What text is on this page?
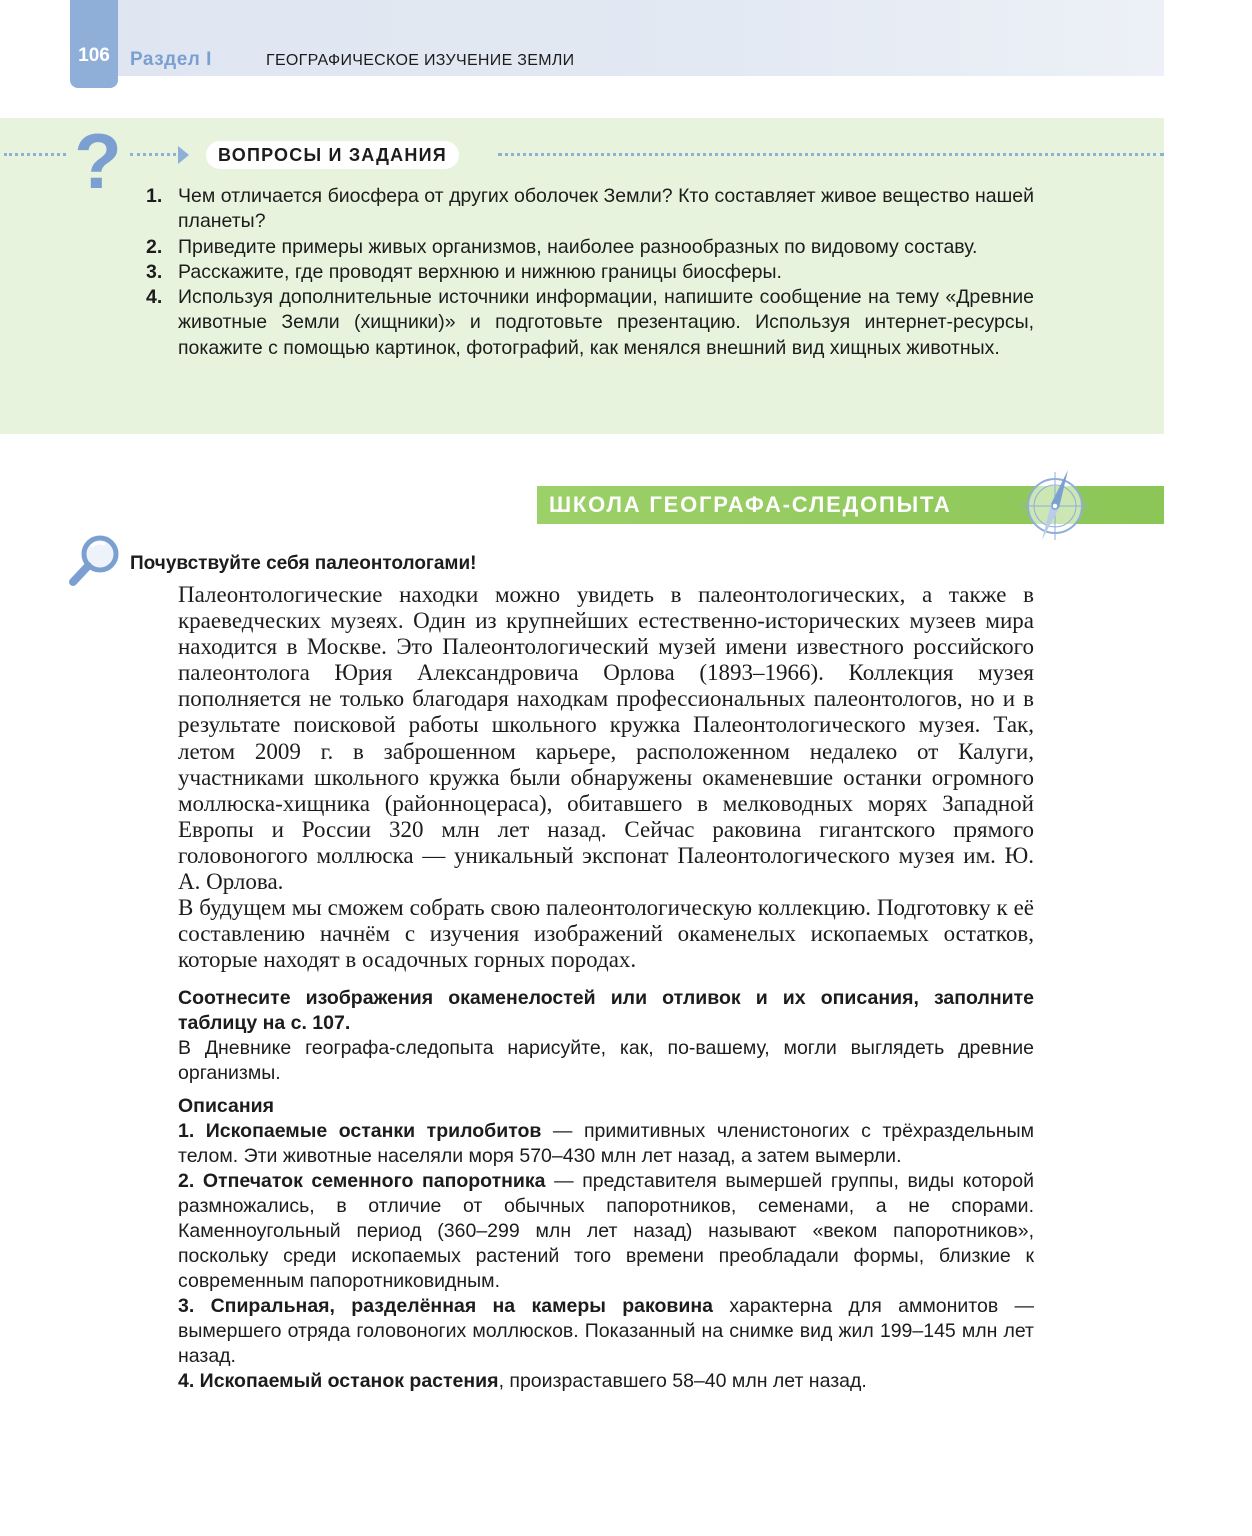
106	Раздел I	ГЕОГРАФИЧЕСКОЕ ИЗУЧЕНИЕ ЗЕМЛИ
?	ВОПРОСЫ И ЗАДАНИЯ
1. Чем отличается биосфера от других оболочек Земли? Кто составляет живое вещество нашей планеты?
2. Приведите примеры живых организмов, наиболее разнообразных по видовому составу.
3. Расскажите, где проводят верхнюю и нижнюю границы биосферы.
4. Используя дополнительные источники информации, напишите сообщение на тему «Древние животные Земли (хищники)» и подготовьте презентацию. Используя интернет-ресурсы, покажите с помощью картинок, фотографий, как менялся внешний вид хищных животных.
ШКОЛА ГЕОГРАФА-СЛЕДОПЫТА
Почувствуйте себя палеонтологами!

Палеонтологические находки можно увидеть в палеонтологических, а также в краеведческих музеях. Один из крупнейших естественно-исторических музеев мира находится в Москве. Это Палеонтологический музей имени известного российского палеонтолога Юрия Александровича Орлова (1893–1966). Коллекция музея пополняется не только благодаря находкам профессиональных палеонтологов, но и в результате поисковой работы школьного кружка Палеонтологического музея. Так, летом 2009 г. в заброшенном карьере, расположенном недалеко от Калуги, участниками школьного кружка были обнаружены окаменевшие останки огромного моллюска-хищника (районноцераса), обитавшего в мелководных морях Западной Европы и России 320 млн лет назад. Сейчас раковина гигантского прямого головоногого моллюска — уникальный экспонат Палеонтологического музея им. Ю. А. Орлова.

В будущем мы сможем собрать свою палеонтологическую коллекцию. Подготовку к её составлению начнём с изучения изображений окаменелых ископаемых остатков, которые находят в осадочных горных породах.

Соотнесите изображения окаменелостей или отливок и их описания, заполните таблицу на с. 107.

В Дневнике географа-следопыта нарисуйте, как, по-вашему, могли выглядеть древние организмы.

Описания

1. Ископаемые останки трилобитов — примитивных членистоногих с трёхраздельным телом. Эти животные населяли моря 570–430 млн лет назад, а затем вымерли.

2. Отпечаток семенного папоротника — представителя вымершей группы, виды которой размножались, в отличие от обычных папоротников, семенами, а не спорами. Каменноугольный период (360–299 млн лет назад) называют «веком папоротников», поскольку среди ископаемых растений того времени преобладали формы, близкие к современным папоротниковидным.

3. Спиральная, разделённая на камеры раковина характерна для аммонитов — вымершего отряда головоногих моллюсков. Показанный на снимке вид жил 199–145 млн лет назад.

4. Ископаемый останок растения, произраставшего 58–40 млн лет назад.
